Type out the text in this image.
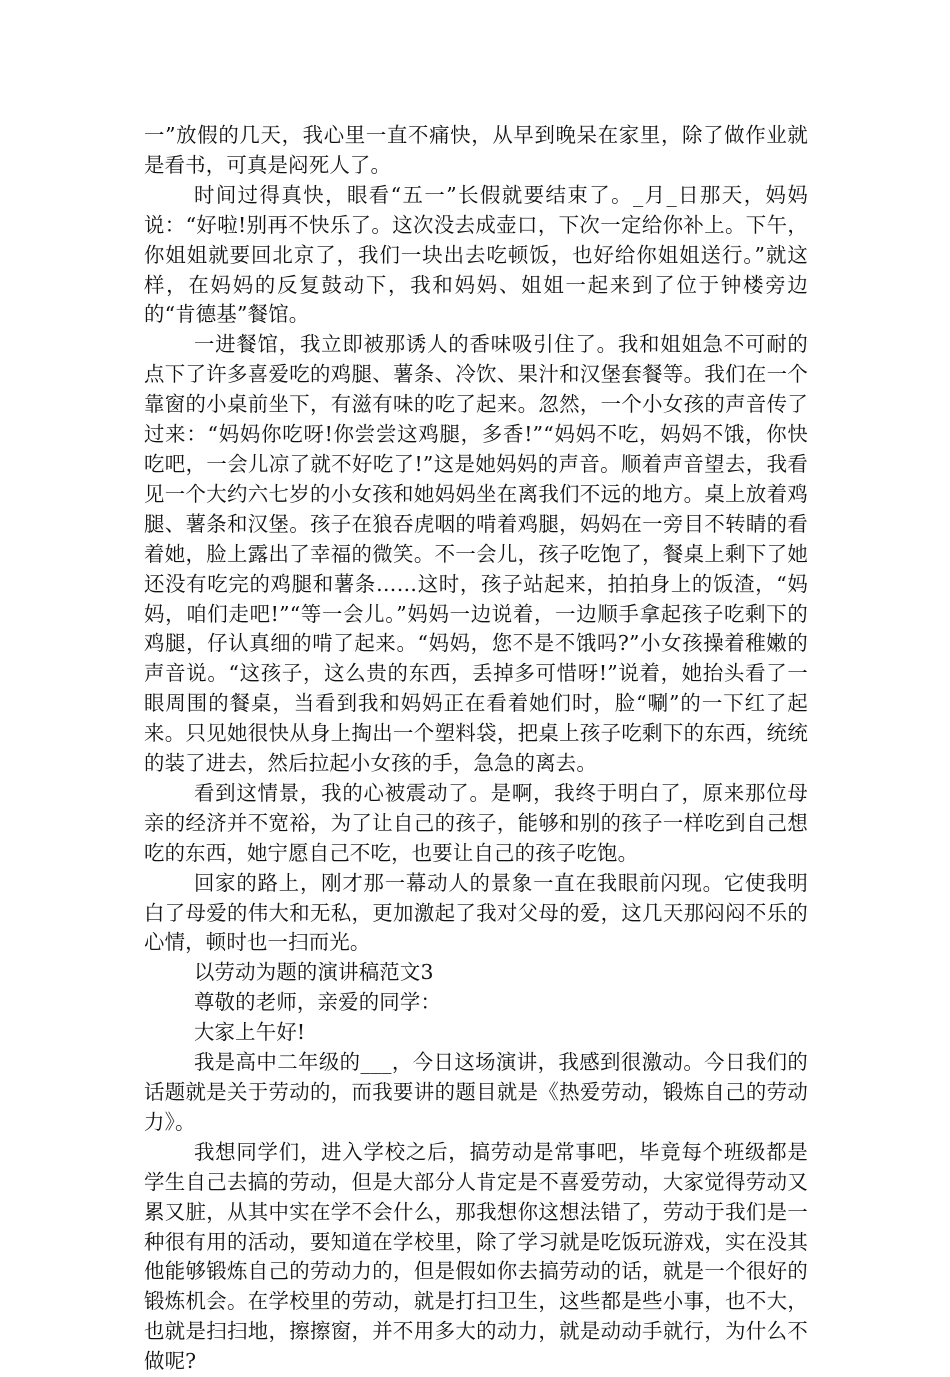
一”放假的几天，我心里一直不痛快，从早到晚呆在家里，除了做作业就是看书，可真是闷死人了。

时间过得真快，眼看“五一”长假就要结束了。_月_日那天，妈妈说：“好啦!别再不快乐了。这次没去成壶口，下次一定给你补上。下午，你姐姐就要回北京了，我们一块出去吃顿饭，也好给你姐姐送行。”就这样，在妈妈的反复鼓动下，我和妈妈、姐姐一起来到了位于钟楼旁边的“肯德基”餐馆。

一进餐馆，我立即被那诱人的香味吸引住了。我和姐姐急不可耐的点下了许多喜爱吃的鸡腿、薯条、冷饮、果汁和汉堡套餐等。我们在一个靠窗的小桌前坐下，有滋有味的吃了起来。忽然，一个小女孩的声音传了过来：“妈妈你吃呀!你尝尝这鸡腿，多香!”“妈妈不吃，妈妈不饿，你快吃吧，一会儿凉了就不好吃了!”这是她妈妈的声音。顺着声音望去，我看见一个大约六七岁的小女孩和她妈妈坐在离我们不远的地方。桌上放着鸡腿、薯条和汉堡。孩子在狼吞虎咽的啃着鸡腿，妈妈在一旁目不转睛的看着她，脸上露出了幸福的微笑。不一会儿，孩子吃饱了，餐桌上剩下了她还没有吃完的鸡腿和薯条……这时，孩子站起来，拍拍身上的饭渣，“妈妈，咱们走吧!”“等一会儿。”妈妈一边说着，一边顺手拿起孩子吃剩下的鸡腿，仔认真细的啃了起来。“妈妈，您不是不饿吗?”小女孩操着稚嫩的声音说。“这孩子，这么贵的东西，丢掉多可惜呀!”说着，她抬头看了一眼周围的餐桌，当看到我和妈妈正在看着她们时，脸“唰”的一下红了起来。只见她很快从身上掏出一个塑料袋，把桌上孩子吃剩下的东西，统统的装了进去，然后拉起小女孩的手，急急的离去。

看到这情景，我的心被震动了。是啊，我终于明白了，原来那位母亲的经济并不宽裕，为了让自己的孩子，能够和别的孩子一样吃到自己想吃的东西，她宁愿自己不吃，也要让自己的孩子吃饱。

回家的路上，刚才那一幕动人的景象一直在我眼前闪现。它使我明白了母爱的伟大和无私，更加激起了我对父母的爱，这几天那闷闷不乐的心情，顿时也一扫而光。

以劳动为题的演讲稿范文3

尊敬的老师，亲爱的同学：

大家上午好!

我是高中二年级的___，今日这场演讲，我感到很激动。今日我们的话题就是关于劳动的，而我要讲的题目就是《热爱劳动，锻炼自己的劳动力》。

我想同学们，进入学校之后，搞劳动是常事吧，毕竟每个班级都是学生自己去搞的劳动，但是大部分人肯定是不喜爱劳动，大家觉得劳动又累又脏，从其中实在学不会什么，那我想你这想法错了，劳动于我们是一种很有用的活动，要知道在学校里，除了学习就是吃饭玩游戏，实在没其他能够锻炼自己的劳动力的，但是假如你去搞劳动的话，就是一个很好的锻炼机会。在学校里的劳动，就是打扫卫生，这些都是些小事，也不大，也就是扫扫地，擦擦窗，并不用多大的动力，就是动动手就行，为什么不做呢?
